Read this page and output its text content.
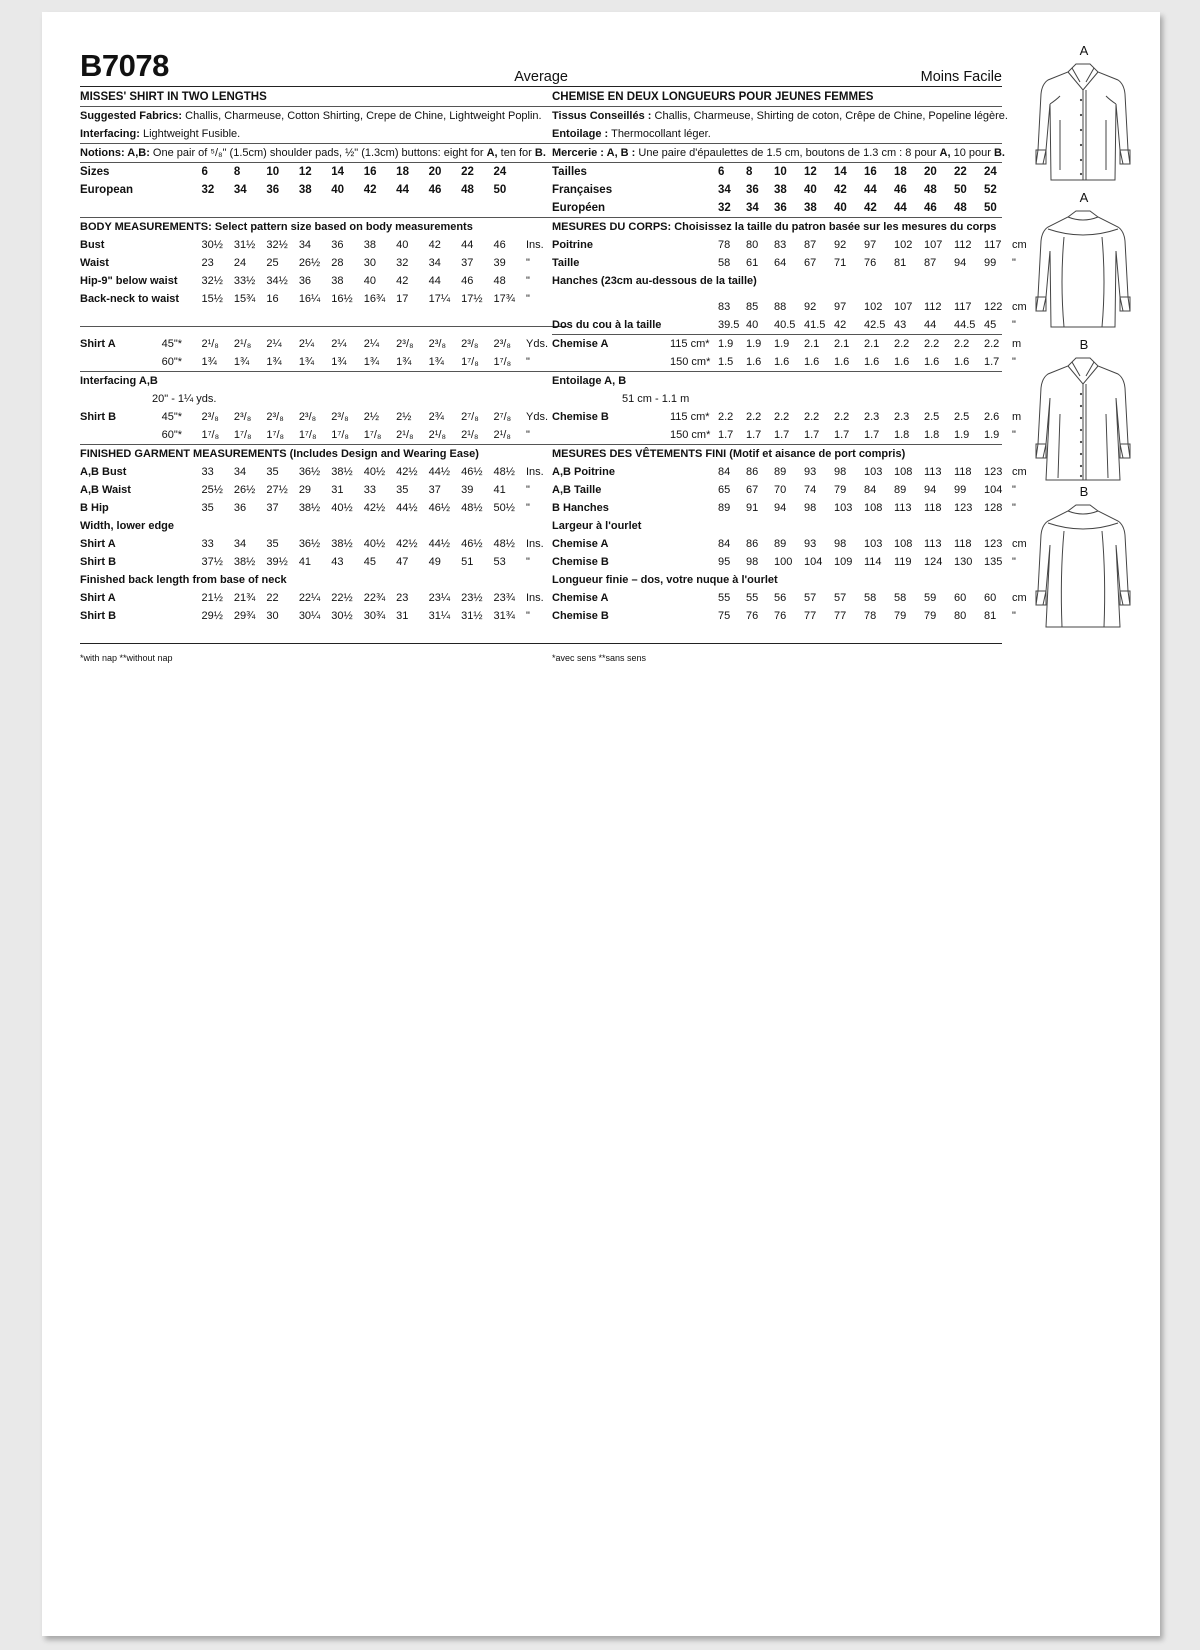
B7078	Average
MISSES' SHIRT IN TWO LENGTHS
Suggested Fabrics: Challis, Charmeuse, Cotton Shirting, Crepe de Chine, Lightweight Poplin.
Interfacing: Lightweight Fusible.
Notions: A,B: One pair of ⁵/₈" (1.5cm) shoulder pads, ½" (1.3cm) buttons: eight for A, ten for B.
Sizes		6	8	10	12	14	16	18	20	22	24	
European		32	34	36	38	40	42	44	46	48	50	
BODY MEASUREMENTS: Select pattern size based on body measurements
Bust		30½	31½	32½	34	36	38	40	42	44	46	Ins.
Waist		23	24	25	26½	28	30	32	34	37	39	"
Hip-9" below waist		32½	33½	34½	36	38	40	42	44	46	48	"
Back-neck to waist		15½	15¾	16	16¼	16½	16¾	17	17¼	17½	17¾	"
Shirt A	45"*	2¹/₈	2¹/₈	2¼	2¼	2¼	2¼	2³/₈	2³/₈	2³/₈	2³/₈	Yds.
	60"*	1¾	1¾	1¾	1¾	1¾	1¾	1¾	1¾	1⁷/₈	1⁷/₈	"
Interfacing A,B
20" - 1¼ yds.
Shirt B	45"*	2³/₈	2³/₈	2³/₈	2³/₈	2³/₈	2½	2½	2¾	2⁷/₈	2⁷/₈	Yds.
	60"*	1⁷/₈	1⁷/₈	1⁷/₈	1⁷/₈	1⁷/₈	1⁷/₈	2¹/₈	2¹/₈	2¹/₈	2¹/₈	"
FINISHED GARMENT MEASUREMENTS (Includes Design and Wearing Ease)
A,B Bust		33	34	35	36½	38½	40½	42½	44½	46½	48½	Ins.
A,B Waist		25½	26½	27½	29	31	33	35	37	39	41	"
B Hip		35	36	37	38½	40½	42½	44½	46½	48½	50½	"
Width, lower edge
Shirt A		33	34	35	36½	38½	40½	42½	44½	46½	48½	Ins.
Shirt B		37½	38½	39½	41	43	45	47	49	51	53	"
Finished back length from base of neck
Shirt A		21½	21¾	22	22¼	22½	22¾	23	23¼	23½	23¾	Ins.
Shirt B		29½	29¾	30	30¼	30½	30¾	31	31¼	31½	31¾	"
*with nap **without nap
Moins Facile
CHEMISE EN DEUX LONGUEURS POUR JEUNES FEMMES
Tissus Conseillés : Challis, Charmeuse, Shirting de coton, Crêpe de Chine, Popeline légère.
Entoilage : Thermocollant léger.
Mercerie : A, B : Une paire d'épaulettes de 1.5 cm, boutons de 1.3 cm : 8 pour A, 10 pour B.
Tailles		6	8	10	12	14	16	18	20	22	24	
Françaises		34	36	38	40	42	44	46	48	50	52	
Européen		32	34	36	38	40	42	44	46	48	50	
MESURES DU CORPS: Choisissez la taille du patron basée sur les mesures du corps
Poitrine		78	80	83	87	92	97	102	107	112	117	cm
Taille		58	61	64	67	71	76	81	87	94	99	"
Hanches (23cm au-dessous de la taille)
		83	85	88	92	97	102	107	112	117	122	cm
Dos du cou à la taille		39.5	40	40.5	41.5	42	42.5	43	44	44.5	45	"
Chemise A	115 cm*	1.9	1.9	1.9	2.1	2.1	2.1	2.2	2.2	2.2	2.2	m
	150 cm*	1.5	1.6	1.6	1.6	1.6	1.6	1.6	1.6	1.6	1.7	"
Entoilage A, B
51 cm - 1.1 m
Chemise B	115 cm*	2.2	2.2	2.2	2.2	2.2	2.3	2.3	2.5	2.5	2.6	m
	150 cm*	1.7	1.7	1.7	1.7	1.7	1.7	1.8	1.8	1.9	1.9	"
MESURES DES VÊTEMENTS FINI (Motif et aisance de port compris)
A,B Poitrine		84	86	89	93	98	103	108	113	118	123	cm
A,B Taille		65	67	70	74	79	84	89	94	99	104	"
B Hanches		89	91	94	98	103	108	113	118	123	128	"
Largeur à l'ourlet
Chemise A		84	86	89	93	98	103	108	113	118	123	cm
Chemise B		95	98	100	104	109	114	119	124	130	135	"
Longueur finie – dos, votre nuque à l'ourlet
Chemise A		55	55	56	57	57	58	58	59	60	60	cm
Chemise B		75	76	76	77	77	78	79	79	80	81	"
*avec sens **sans sens
A
A
B
B
